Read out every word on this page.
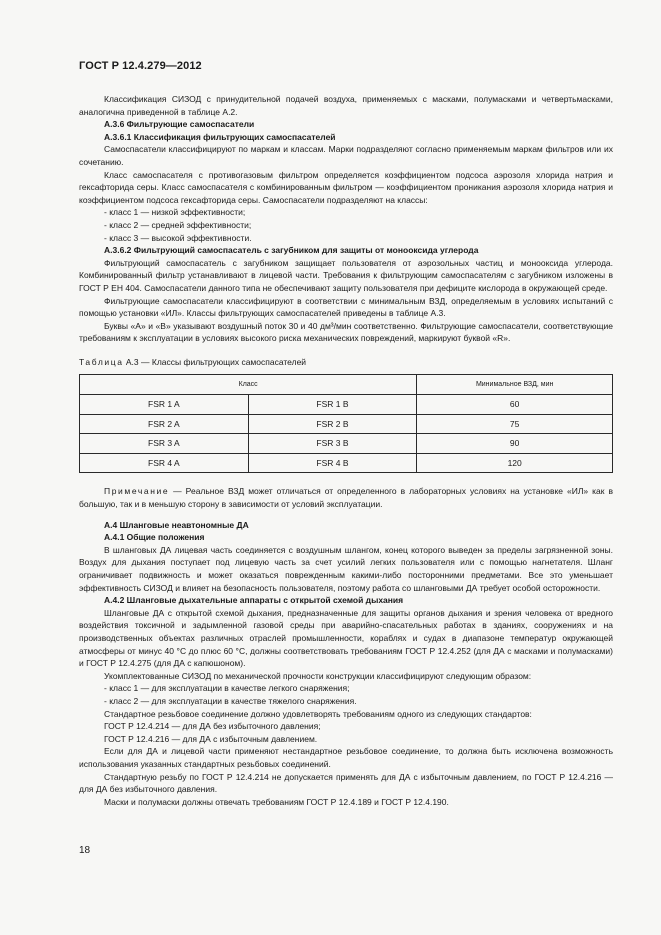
ГОСТ Р 12.4.279—2012

Классификация СИЗОД с принудительной подачей воздуха, применяемых с масками, полумасками и четвертьмасками, аналогична приведенной в таблице А.2.

А.3.6 Фильтрующие самоспасатели

А.3.6.1 Классификация фильтрующих самоспасателей

Самоспасатели классифицируют по маркам и классам. Марки подразделяют согласно применяемым маркам фильтров или их сочетанию.

Класс самоспасателя с противогазовым фильтром определяется коэффициентом подсоса аэрозоля хлорида натрия и гексафторида серы. Класс самоспасателя с комбинированным фильтром — коэффициентом проникания аэрозоля хлорида натрия и коэффициентом подсоса гексафторида серы. Самоспасатели подразделяют на классы:

- класс 1 — низкой эффективности;

- класс 2 — средней эффективности;

- класс 3 — высокой эффективности.

А.3.6.2 Фильтрующий самоспасатель с загубником для защиты от монооксида углерода

Фильтрующий самоспасатель с загубником защищает пользователя от аэрозольных частиц и монооксида углерода. Комбинированный фильтр устанавливают в лицевой части. Требования к фильтрующим самоспасателям с загубником изложены в ГОСТ Р ЕН 404. Самоспасатели данного типа не обеспечивают защиту пользователя при дефиците кислорода в окружающей среде.

Фильтрующие самоспасатели классифицируют в соответствии с минимальным ВЗД, определяемым в условиях испытаний с помощью установки «ИЛ». Классы фильтрующих самоспасателей приведены в таблице А.3.

Буквы «А» и «В» указывают воздушный поток 30 и 40 дм³/мин соответственно. Фильтрующие самоспасатели, соответствующие требованиям к эксплуатации в условиях высокого риска механических повреждений, маркируют буквой «R».

Таблица А.3 — Классы фильтрующих самоспасателей
Класс		Минимальное ВЗД, мин
FSR 1 A	FSR 1 B	60
FSR 2 A	FSR 2 B	75
FSR 3 A	FSR 3 B	90
FSR 4 A	FSR 4 B	120

Примечание — Реальное ВЗД может отличаться от определенного в лабораторных условиях на установке «ИЛ» как в большую, так и в меньшую сторону в зависимости от условий эксплуатации.

А.4 Шланговые неавтономные ДА

А.4.1 Общие положения

В шланговых ДА лицевая часть соединяется с воздушным шлангом, конец которого выведен за пределы загрязненной зоны. Воздух для дыхания поступает под лицевую часть за счет усилий легких пользователя или с помощью нагнетателя. Шланг ограничивает подвижность и может оказаться поврежденным какими-либо посторонними предметами. Все это уменьшает эффективность СИЗОД и влияет на безопасность пользователя, поэтому работа со шланговыми ДА требует особой осторожности.

А.4.2 Шланговые дыхательные аппараты с открытой схемой дыхания

Шланговые ДА с открытой схемой дыхания, предназначенные для защиты органов дыхания и зрения человека от вредного воздействия токсичной и задымленной газовой среды при аварийно-спасательных работах в зданиях, сооружениях и на производственных объектах различных отраслей промышленности, кораблях и судах в диапазоне температур окружающей атмосферы от минус 40 °С до плюс 60 °С, должны соответствовать требованиям ГОСТ Р 12.4.252 (для ДА с масками и полумасками) и ГОСТ Р 12.4.275 (для ДА с капюшоном).

Укомплектованные СИЗОД по механической прочности конструкции классифицируют следующим образом:

- класс 1 — для эксплуатации в качестве легкого снаряжения;

- класс 2 — для эксплуатации в качестве тяжелого снаряжения.

Стандартное резьбовое соединение должно удовлетворять требованиям одного из следующих стандартов:

ГОСТ Р 12.4.214 — для ДА без избыточного давления;

ГОСТ Р 12.4.216 — для ДА с избыточным давлением.

Если для ДА и лицевой части применяют нестандартное резьбовое соединение, то должна быть исключена возможность использования указанных стандартных резьбовых соединений.

Стандартную резьбу по ГОСТ Р 12.4.214 не допускается применять для ДА с избыточным давлением, по ГОСТ Р 12.4.216 — для ДА без избыточного давления.

Маски и полумаски должны отвечать требованиям ГОСТ Р 12.4.189 и ГОСТ Р 12.4.190.

18
